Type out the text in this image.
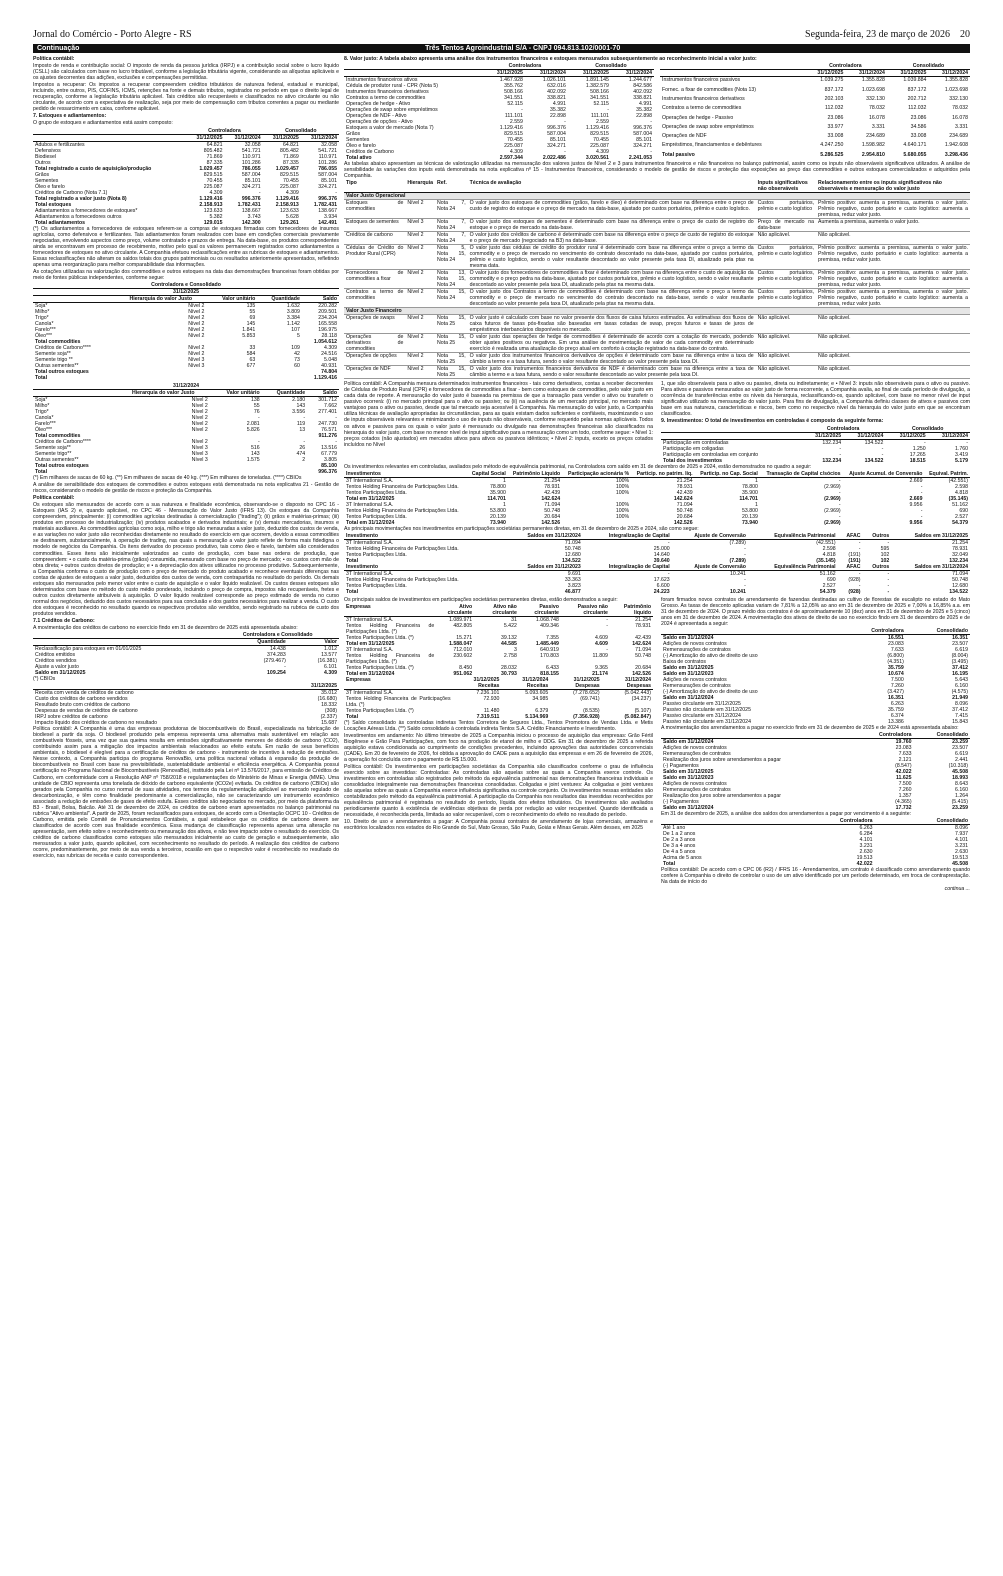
Jornal do Comércio - Porto Alegre - RS	Segunda-feira, 23 de março de 2026 20
Continuação	Três Tentos Agroindustrial S/A - CNPJ 094.813.102/0001-70

Política contábil:

Imposto de renda e contribuição social: O imposto de renda da pessoa jurídica (IRPJ) e a contribuição social sobre o lucro líquido (CSLL) são calculados com base no lucro tributável, conforme a legislação tributária vigente, considerando as alíquotas aplicáveis e os ajustes decorrentes das adições, exclusões e compensações permitidas.

Impostos a recuperar: Os impostos a recuperar compreendem créditos tributários de natureza federal, estadual e municipal, incluindo, entre outros, PIS, COFINS, ICMS, retenções na fonte e demais tributos, registrados no período em que o direito legal de recuperação, conforme a legislação tributária aplicável. Tais créditos são recuperáveis e classificados no ativo circulante ou não circulante, de acordo com a expectativa de realização, seja por meio de compensação com tributos correntes a pagar ou mediante pedido de ressarcimento em caixa, conforme aplicável.

7. Estoques e adiantamentos:

O grupo de estoques e adiantamentos está assim composto:

	Controladora		Consolidado	
	31/12/2025	31/12/2024	31/12/2025	31/12/2024
Adubos e fertilizantes	64.821	32.058	64.821	32.058
Defensivos	805.482	541.721	805.482	541.721
Biodiesel	71.869	110.971	71.869	110.971
Outros	87.335	101.286	87.335	101.286
Total registrado a custo de aquisição/produção	1.029.457	786.055	1.029.457	786.055
Grãos	829.515	587.004	829.515	587.004
Sementes	70.455	85.101	70.455	85.101
Óleo e farelo	225.087	324.271	225.087	324.271
Créditos de Carbono (Nota 7.1)	4.309	-	4.309	-
Total registrado a valor justo (Nota 8)	1.129.416	996.376	1.129.416	996.376
Total estoques	2.158.913	1.782.431	2.158.913	1.782.431
Adiantamentos a fornecedores de estoques*	123.633	138.667	123.633	138.667
Adiantamentos a fornecedores outros	5.382	3.743	5.628	3.934
Total adiantamentos	129.015	142.300	129.261	142.491

(*) Os adiantamentos a fornecedores de estoques referem-se a compras de estoques firmadas com fornecedores de insumos agrícolas, como defensivos e fertilizantes. Tais adiantamentos foram realizados com base em condições comerciais previamente negociadas, envolvendo aspectos como preço, volume contratado e prazos de entrega. Na data-base, os produtos correspondentes ainda se encontravam em processo de recebimento, motivo pelo qual os valores permanecem registrados como adiantamentos a fornecedores de estoques no ativo circulante. A Companhia efetuou reclassificações entre as rubricas de estoques e adiantamentos. Essas reclassificações não alteram os saldos totais dos grupos patrimoniais ou os resultados anteriormente apresentados, refletindo apenas uma reorganização para melhor comparabilidade das informações.

As cotações utilizadas na valorização dos commodities e outros estoques na data das demonstrações financeiras foram obtidas por meio de fontes públicas independentes, conforme segue:

Controladora e Consolidado				
31/12/2025				
	Hierarquia do valor Justo	Valor unitário	Quantidade	Saldo
Soja*	Nível 2	135	1.632	220.282
Milho*	Nível 2	55	3.809	209.501
Trigo*	Nível 2	69	3.384	234.204
Canola*	Nível 2	145	1.142	165.558
Farelo***	Nível 2	1.841	107	196.975
Óleo***	Nível 2	5.853	5	28.118
Total commodities				1.054.612
Créditos de Carbono****	Nível 2	33	109	4.309
Semente soja**	Nível 2	584	42	24.516
Semente trigo **	Nível 3	63	73	5.048
Outras sementes**	Nível 3	677	60	40.931
Total outros estoques				74.804
Total				1.129.416
31/12/2024				
	Hierarquia do valor Justo	Valor unitário	Quantidade	Saldo
Soja*	Nível 2	138	2.180	301.712
Milho*	Nível 2	55	143	7.662
Trigo*	Nível 2	76	3.556	277.401
Canola*	Nível 2	-	-	-
Farelo***	Nível 2	2.081	119	247.730
Óleo***	Nível 2	5.826	13	76.571
Total commodities				911.276
Créditos de Carbono****	Nível 2	-	-	-
Semente soja**	Nível 3	516	26	13.516
Semente trigo**	Nível 3	143	474	67.779
Outras sementes**	Nível 3	1.575	2	3.805
Total outros estoques				85.100
Total				996.376

(*) Em milhares de sacas de 60 kg. (**) Em milhares de sacas de 40 kg. (***) Em milhares de toneladas. (****) CBIOs

A análise de sensibilidade dos estoques de commodities e outros estoques está demonstrada na nota explicativa 21 - Gestão de riscos, considerando o modelo de gestão de riscos e proteção da Companhia.

Política contábil:

Os estoques são mensurados de acordo com a sua natureza e finalidade econômica, observando-se o disposto no CPC 16 - Estoques (IAS 2) e, quando aplicável, no CPC 46 - Mensuração do Valor Justo (IFRS 13). Os estoques da Companhia compreendem, principalmente: (i) commodities agrícolas destinadas à comercialização ("trading"); (ii) grãos e matérias-primas; (iii) produtos em processo de industrialização; (iv) produtos acabados e derivados industriais; e (v) demais mercadorias, insumos e materiais auxiliares. As commodities agrícolas como soja, milho e trigo são mensuradas a valor justo, deduzido dos custos de venda, e as variações no valor justo são reconhecidas diretamente no resultado do exercício em que ocorrem, devido a essas commodities se destinarem, substancialmente, à operação de trading, nas quais a mensuração a valor justo reflete de forma mais fidedigna o modelo de negócios da Companhia. Os itens derivados do processo produtivo, tais como óleo e farelo, também são considerados commodities. Esses itens são inicialmente valorizados ao custo de produção, com base nas ordens de produção, que compreendem: • o custo da matéria-prima (grãos) consumida, mensurado com base no preço de mercado; • os custos com mão de obra direta; • outros custos diretos de produção; e • a depreciação dos ativos utilizados no processo produtivo. Subsequentemente, a Companhia conforma o custo de produção com o preço de mercado do produto acabado e reconhece eventuais diferenças nas contas de ajustes de estoques a valor justo, deduzidos dos custos de venda, com contrapartida no resultado do período. Os demais estoques são mensurados pelo menor valor entre o custo de aquisição e o valor líquido realizável. Os custos desses estoques são determinados com base no método do custo médio ponderado, incluindo o preço de compra, impostos não recuperáveis, fretes e outros custos diretamente atribuíveis à aquisição. O valor líquido realizável corresponde ao preço estimado de venda no curso normal dos negócios, deduzido dos custos necessários para sua conclusão e dos gastos necessários para realizar a venda. O custo dos estoques é reconhecido no resultado quando os respectivos produtos são vendidos, sendo registrado na rubrica de custo dos produtos vendidos.

7.1 Créditos de Carbono:

A movimentação dos créditos de carbono no exercício findo em 31 de dezembro de 2025 está apresentada abaixo:

	Controladora e Consolidado	
	Quantidade	Valor
Reclassificação para estoques em 01/01/2025	14.438	1.012
Créditos emitidos	374.283	13.577
Créditos vendidos	(279.467)	(16.381)
Ajuste a valor justo	-	6.101
Saldo em 31/12/2025	109.254	4.309

(*) CBIOs

	31/12/2025
Receita com venda de créditos de carbono	35.012
Custo dos créditos de carbono vendidos	(16.680)
Resultado bruto com créditos de carbono	18.332
Despesas de vendas de créditos de carbono	(308)
IRPJ sobre créditos de carbono	(2.337)
Impacto líquido dos créditos de carbono no resultado	15.687

Política contábil: A Companhia é uma das empresas produtoras de biocombustíveis do Brasil, especializada na fabricação de biodiesel a partir da soja. O biodiesel produzido pela empresa representa uma alternativa mais sustentável em relação aos combustíveis fósseis, uma vez que sua queima resulta em emissões significativamente menores de dióxido de carbono (CO2), contribuindo assim para a mitigação dos impactos ambientais relacionados ao efeito estufa. Em razão de seus benefícios ambientais, o biodiesel é elegível para a certificação de créditos de carbono - instrumento de incentivo à redução de emissões. Nesse contexto, a Companhia participa do programa RenovaBio, uma política nacional voltada à expansão da produção de biocombustíveis no Brasil com base na previsibilidade, sustentabilidade ambiental e eficiência energética. A Companhia possui certificação no Programa Nacional de Biocombustíveis (RenovaBio), instituído pela Lei nº 13.576/2017, para emissão de Créditos de Carbono, em conformidade com a Resolução ANP nº 758/2018 e regulamentações do Ministério de Minas e Energia (MME). Uma unidade de CBIO representa uma tonelada de dióxido de carbono equivalente (tCO2e) evitada. Os créditos de carbono (CBIOs) são gerados pela Companhia no curso normal de suas atividades, nos termos da regulamentação aplicável ao mercado regulado de descarbonização, e têm como finalidade predominante a comercialização, não se caracterizando um instrumento econômico associado a redução de emissões de gases de efeito estufa. Esses créditos são negociados no mercado, por meio da plataforma da B3 - Brasil, Bolsa, Balcão. Até 31 de dezembro de 2024, os créditos de carbono eram apresentados no balanço patrimonial na rubrica "Ativo ambiental". A partir de 2025, foram reclassificados para estoques, de acordo com a Orientação OCPC 10 - Créditos de Carbono, emitida pelo Comitê de Pronunciamentos Contábeis, a qual estabelece que os créditos de carbono devem ser classificados de acordo com sua finalidade econômica. Essa mudança de classificação representa apenas uma alteração na apresentação, sem efeito sobre o reconhecimento ou mensuração dos ativos, e não teve impacto sobre o resultado do exercício. Os créditos de carbono classificados como estoques são mensurados inicialmente ao custo de geração e subsequentemente, são mensurados a valor justo, quando aplicável, com reconhecimento no resultado do período. A realização dos créditos de carbono ocorre, predominantemente, por meio de sua venda a terceiros, ocasião em que o respectivo valor é reconhecido no resultado do exercício, nas rubricas de receita e custo correspondentes.

8. Valor justo: A tabela abaixo apresenta uma análise dos instrumentos financeiros e estoques mensurados subsequentemente ao reconhecimento inicial a valor justo:

	Controladora		Consolidado	
	31/12/2025	31/12/2024	31/12/2025	31/12/2024
Instrumentos financeiros ativos	1.467.928	1.026.101	1.891.145	1.244.677
Cédula de produtor rural - CPR (Nota 5)	355.762	632.016	1.382.579	842.586
Instrumentos financeiros derivativos	508.166	402.092	508.166	402.092
Contratos a termo de commodities	341.551	338.821	341.551	338.821
Operações de hedge - Ativo	52.115	4.991	52.115	4.991
Operações de swap sobre empréstimos	-	35.382	-	35.382
Operações de NDF - Ativo	111.101	22.898	111.101	22.898
Operações de opções - Ativo	2.559	-	2.559	-
Estoques a valor de mercado (Nota 7)	1.129.416	996.376	1.129.416	996.376
Grãos	829.515	587.004	829.515	587.004
Sementes	70.455	85.101	70.455	85.101
Óleo e farelo	225.087	324.271	225.087	324.271
Créditos de Carbono	4.309	-	4.309	-
Total ativo	2.597.344	2.022.486	3.020.561	2.241.053
	Controladora		Consolidado	
	31/12/2025	31/12/2024	31/12/2025	31/12/2024
Instrumentos financeiros passivos	1.039.275	1.355.828	1.039.884	1.355.828
Fornec. a fixar de commodities (Nota 13)	837.172	1.023.698	837.172	1.023.698
Instrumentos financeiros derivativos	202.103	332.130	202.712	332.130
Contratos a termo de commodities	112.032	78.032	112.032	78.032
Operações de hedge - Passivo	23.086	16.078	23.086	16.078
Operações de swap sobre empréstimos	33.977	3.331	34.586	3.331
Operações de NDF	33.008	234.689	33.008	234.689
Empréstimos, financiamentos e debêntures	4.247.250	1.598.982	4.640.171	1.942.608
Total passivo	5.286.525	2.954.810	5.680.055	3.298.436

As tabelas abaixo apresentam as técnicas de valorização utilizadas na mensuração dos valores justos de Nível 2 e 3 para instrumentos financeiros e não financeiros no balanço patrimonial, assim como os inputs não observáveis significativos utilizados. A análise de sensibilidade às variações dos inputs está demonstrada na nota explicativa nº 15 - Instrumentos financeiros, considerando o modelo de gestão de riscos e proteção das exposições ao preço das commodities e outros estoques comercializados e adquiridos pela Companhia.

Tipo	Hierarquia	Ref.	Técnica de avaliação	Inputs significativos não observáveis	Relacionamento entre os inputs significativos não observáveis e mensuração do valor justo
Valor Justo Operacional					
Estoques de commodities	Nível 2	Nota 7, Nota 24	O valor justo dos estoques de commodities (grãos, farelo e óleo) é determinado com base na diferença entre o preço de custo de registro do estoque e o preço de mercado na data-base, ajustado por custos portuários, prêmio e custo logístico.	Custos portuários, prêmio e custo logístico	Prêmio positivo: aumenta a premissa, aumenta o valor justo. Prêmio negativo, custo portuário e custo logístico: aumenta a premissa, reduz valor justo.
Estoques de sementes	Nível 3	Nota 7, Nota 24	O valor justo dos estoques de sementes é determinado com base na diferença entre o preço de custo de registro do estoque e o preço de mercado na data-base.	Preço de mercado na data-base	Aumenta a premissa, aumenta o valor justo.
Créditos de carbono	Nível 2	Nota 7, Nota 24	O valor justo dos créditos de carbono é determinado com base na diferença entre o preço de custo de registro do estoque e o preço de mercado (negociado na B3) na data-base.	Não aplicável.	Não aplicável.
Cédulas de Crédito do Produtor Rural (CPR)	Nível 2	Nota 5, Nota 15, Nota 24	O valor justo das cédulas de crédito do produtor rural é determinado com base na diferença entre o preço a termo da commodity e o preço de mercado no vencimento do contrato descontado na data-base, ajustado por custos portuários, prêmio e custo logístico, sendo o valor resultante descontado ao valor presente pela taxa DI, atualizado pela ptax na mesma data.	Custos portuários, prêmio e custo logístico	Prêmio positivo: aumenta a premissa, aumenta o valor justo. Prêmio negativo, custo portuário e custo logístico: aumenta a premissa, reduz valor justo.
Fornecedores de commodities a fixar	Nível 2	Nota 13, Nota 15, Nota 24	O valor justo dos fornecedores de commodities a fixar é determinado com base na diferença entre o custo de aquisição da commodity e o preço pedra na data-base, ajustado por custos portuários, prêmio e custo logístico, sendo o valor resultante descontado ao valor presente pela taxa DI, atualizado pela ptax na mesma data.	Custos portuários, prêmio e custo logístico	Prêmio positivo: aumenta a premissa, aumenta o valor justo. Prêmio negativo, custo portuário e custo logístico: aumenta a premissa, reduz valor justo.
Contratos a termo de commodities	Nível 2	Nota 15, Nota 24	O valor justo dos Contratos a termo de commodities é determinado com base na diferença entre o preço a termo da commodity e o preço de mercado no vencimento do contrato descontado na data-base, sendo o valor resultante descontado ao valor presente pela taxa DI, atualizado pela ptax na mesma data.	Custos portuários, prêmio e custo logístico	Prêmio positivo: aumenta a premissa, aumenta o valor justo. Prêmio negativo, custo portuário e custo logístico: aumenta a premissa, reduz valor justo.
Valor Justo Financeiro					
Operações de swaps	Nível 2	Nota 15, Nota 25	O valor justo é calculado com base no valor presente dos fluxos de caixa futuros estimados. As estimativas dos fluxos de caixa futuros de taxas pós-fixadas são baseadas em taxas cotadas de swap, preços futuros e taxas de juros de empréstimos interbancários disponíveis no mercado.	Não aplicável.	Não aplicável.
Operações de derivativos de commodities	Nível 2	Nota 15, Nota 25	O valor justo das operações de hedge de commodities é determinado de acordo com a cotação do mercado, podendo obter ajustes positivos ou negativos. Em uma análise de movimentação de valor de cada commodity em determinado exercício é realizada uma atualização do preço atual em conforto à cotação registrado na data-base do contrato.	Não aplicável.	Não aplicável.
Operações de opções	Nível 2	Nota 15, Nota 25	O valor justo dos instrumentos financeiros derivativos de opções é determinado com base na diferença entre a taxa de câmbio a termo e a taxa futura, sendo o valor resultante descontado ao valor presente pela taxa DI.	Não aplicável.	Não aplicável.
Operações de NDF	Nível 2	Nota 15, Nota 25	O valor justo dos instrumentos financeiros derivativos de NDF é determinado com base na diferença entre a taxa de câmbio a termo e a taxa futura, sendo o valor resultante descontado ao valor presente pela taxa DI.	Não aplicável.	Não aplicável.

Política contábil: A Companhia mensura determinados instrumentos financeiros - tais como derivativos, contas a receber decorrentes de Cédulas de Produto Rural (CPR) e fornecedores de commodities a fixar - bem como estoques de commodities, pelo valor justo em cada data de reporte. A mensuração do valor justo é baseada na premissa de que a transação para vender o ativo ou transferir o passivo ocorrerá: (i) no mercado principal para o ativo ou passivo; ou (ii) na ausência de um mercado principal, no mercado mais vantajoso para o ativo ou passivo, desde que tal mercado seja acessível à Companhia. Na mensuração do valor justo, a Companhia utiliza técnicas de avaliação apropriadas às circunstâncias, para as quais existam dados suficientes e confiáveis, maximizando o uso de inputs observáveis relevantes e minimizando o uso de inputs não observáveis, conforme requerido pelas normas aplicáveis. Todos os ativos e passivos para os quais o valor justo é mensurado ou divulgado nas demonstrações financeiras são classificados na hierarquia do valor justo, com base no menor nível de input significativo para a mensuração como um todo, conforme segue: • Nível 1: preços cotados (não ajustados) em mercados ativos para ativos ou passivos idênticos; • Nível 2: inputs, exceto os preços cotados incluídos no Nível

1, que são observáveis para o ativo ou passivo, direta ou indiretamente; e • Nível 3: inputs não observáveis para o ativo ou passivo. Para ativos e passivos mensurados ao valor justo de forma recorrente, a Companhia avalia, ao final de cada período de divulgação, a ocorrência de transferências entre os níveis da hierarquia, reclassificando-os, quando aplicável, com base no menor nível de input significativo utilizado na mensuração do valor justo. Para fins de divulgação, a Companhia definiu classes de ativos e passivos com base em sua natureza, características e riscos, bem como no respectivo nível da hierarquia do valor justo em que se encontram classificados.

9. Investimentos: O total de investimentos em controladas é composto da seguinte forma:

	Controladora		Consolidado	
	31/12/2025	31/12/2024	31/12/2025	31/12/2024
Participação em controladas	132.234	134.522	-	-
Participação em coligadas	-	-	1.250	1.760
Participação em controladas em conjunto	-	-	17.265	3.419
Total dos investimentos	132.234	134.522	18.515	5.179

Os investimentos relevantes em controladas, avaliados pelo método de equivalência patrimonial, na Controladora com saldo em 31 de dezembro de 2025 e 2024, estão demonstrados no quadro a seguir:

Investimentos	Capital Social	Patrimônio Líquido	Participação acionária %	Particip. no patrim. líq.	Particip. no Cap. Social	Transação de Capital c/sócios	Ajuste Acumul. de Conversão	Equival. Patrim.
3T International S.A.	1	21.254	100%	21.254	1	-	2.669	(42.551)
Tentos Holding Financeira de Participações Ltda.	78.800	78.931	100%	78.931	78.800	(2.969)	-	2.598
Tentos Participações Ltda.	35.900	42.439	100%	42.439	35.900	-	-	4.818
Total em 31/12/2025	114.701	142.624		142.624	114.701	(2.969)	2.669	(35.145)
3T International S.A.	1	71.094	100%	71.094	1	-	9.956	51.162
Tentos Holding Financeira de Participações Ltda.	53.800	50.748	100%	50.748	53.800	(2.969)	-	690
Tentos Participações Ltda.	20.139	20.684	100%	20.684	20.139	-	-	2.527
Total em 31/12/2024	73.940	142.526		142.526	73.940	(2.969)	9.956	54.379

As principais movimentações nos investimentos em participações societárias permanentes diretas, em 31 de dezembro de 2025 e 2024, são como segue:

Investimento	Saldos em 31/12/2024	Integralização de Capital	Ajuste de Conversão	Equivalência Patrimonial	AFAC	Outros	Saldos em 31/12/2025
3T International S.A.	71.094	-	(7.289)	(42.551)	-	-	21.254
Tentos Holding Financeira de Participações Ltda.	50.748	25.000	-	2.598	-	595	78.931
Tentos Participações Ltda.	12.680	14.640	-	4.818	(191)	102	32.049
Total	134.522	39.640	(7.289)	(35.145)	(191)	102	132.234
Investimento	Saldos em 31/12/2023	Integralização de Capital	Ajuste de Conversão	Equivalência Patrimonial	AFAC	Outros	Saldos em 31/12/2024
3T International S.A.	9.691	-	10.241	51.162	-	-	71.094
Tentos Holding Financeira de Participações Ltda.	33.363	17.623	-	690	(928)	-	50.748
Tentos Participações Ltda.	3.823	6.600	-	2.527	-	-	12.680
Total	46.877	24.223	10.241	54.379	(928)	-	134.522

Os principais saldos de investimentos em participações societárias permanentes diretas, estão demonstrados a seguir:

Empresas	Ativo circulante	Ativo não circulante	Passivo circulante	Passivo não circulante	Patrimônio líquido
3T International S.A.	1.089.971	31	1.068.748	-	21.254
Tentos Holding Financeira de Participações Ltda. (*)	482.805	5.422	409.346	-	78.931
Tentos Participações Ltda. (*)	15.271	39.132	7.355	4.609	42.439
Total em 31/12/2025	1.588.047	44.585	1.485.449	4.609	142.624
3T International S.A.	712.010	3	640.919	-	71.094
Tentos Holding Financeira de Participações Ltda. (*)	230.602	2.758	170.803	11.809	50.748
Tentos Participações Ltda. (*)	8.450	28.032	6.433	9.365	20.684
Total em 31/12/2024	951.062	30.793	818.155	21.174	142.526
Empresas	31/12/2025 Receitas	31/12/2024 Receitas	31/12/2025 Despesas	31/12/2024 Despesas
3T International S.A.	7.236.101	5.093.605	(7.278.652)	(5.042.443)
Tentos Holding Financeira de Participações Ltda. (*)	72.930	34.985	(69.741)	(34.237)
Tentos Participações Ltda. (*)	11.480	6.379	(8.535)	(5.107)
Total	7.319.511	5.134.969	(7.356.928)	(5.082.847)

(*) Saldo consolidado às controladas indiretas Tentos Corretora de Seguros Ltda., Tentos Promotora de Vendas Ltda. e Metis Locações Aéreas Ltda. (**) Saldo consolidado à controlada indireta Tentos S.A. Crédito Financiamento e Investimento.

Investimentos em andamento: No último trimestre de 2025 a Companhia iniciou o processo de aquisição das empresas: Grão Fértil Biogênese e Grão Para Participações, com foco na produção de etanol de milho e DDG. Em 31 de dezembro de 2025 a referida aquisição estava condicionada ao cumprimento de condições precedentes, incluindo aprovações das autoridades concorrenciais (CADE). Em 20 de fevereiro de 2026, foi obtida a aprovação do CADE para a aquisição das empresas e em 26 de fevereiro de 2026, a operação foi concluída com o pagamento de R$ 15.000.

Política contábil: Os investimentos em participações societárias da Companhia são classificados conforme o grau de influência exercido sobre as investidas: Controladas: As controladas são aquelas sobre as quais a Companhia exerce controle. Os investimentos em controladas são registrados pelo método da equivalência patrimonial nas demonstrações financeiras individuais e consolidados integralmente nas demonstrações financeiras consolidadas. Coligadas e joint ventures: As coligadas e joint ventures são aquelas sobre as quais a Companhia exerce influência significativa ou controle conjunto. Os investimentos nessas entidades são contabilizados pelo método da equivalência patrimonial. A participação da Companhia nos resultados das investidas reconhecidos por equivalência patrimonial é registrada no resultado do período, líquida dos efeitos tributários. Os investimentos são avaliados periodicamente quanto à existência de evidências objetivas de perda por redução ao valor recuperável. Quando identificada a necessidade, é reconhecida perda, limitada ao valor recuperável, com o reconhecimento do efeito no resultado do período.

10. Direito de uso e arrendamentos a pagar: A Companhia possui contratos de arrendamento de lojas comerciais, armazéns e escritórios localizados nos estados do Rio Grande do Sul, Mato Grosso, São Paulo, Goiás e Minas Gerais. Além desses, em 2025

foram firmados novos contratos de arrendamento de fazendas destinadas ao cultivo de florestas de eucalipto no estado do Mato Grosso. As taxas de desconto aplicadas variam de 7,81% a 12,05% ao ano em 31 de dezembro de 2025 e 7,00% a 16,85% a.a. em 31 de dezembro de 2024. O prazo médio dos contratos é de aproximadamente 10 (dez) anos em 31 de dezembro de 2025 e 5 (cinco) anos em 31 de dezembro de 2024. A movimentação dos ativos de direito de uso no exercício findo em 31 de dezembro de 2025 e de 2024 é apresentada a seguir:

	Controladora	Consolidado
Saldo em 31/12/2024	16.551	16.351
Adições de novos contratos	23.083	23.507
Remensurações de contratos	7.633	6.619
(-) Amortização do ativo de direito de uso	(6.800)	(8.004)
Baixa de contratos	(4.351)	(3.495)
Saldo em 31/12/2025	35.759	37.412
Saldo em 31/12/2023	10.674	16.195
Adições de novos contratos	7.500	5.643
Remensurações de contratos	7.260	6.160
(-) Amortização do ativo de direito de uso	(3.427)	(4.575)
Saldo em 31/12/2024	16.351	21.949
Passivo circulante em 31/12/2025	6.263	8.096
Passivo não circulante em 31/12/2025	35.759	37.412
Passivo circulante em 31/12/2024	6.374	7.415
Passivo não circulante em 31/12/2024	13.386	15.843

A movimentação dos arrendamentos a pagar no exercício findo em 31 de dezembro de 2025 e de 2024 está apresentada abaixo:

	Controladora	Consolidado
Saldo em 31/12/2024	19.760	23.259
Adições de novos contratos	23.083	23.507
Remensurações de contratos	7.633	6.619
Realização dos juros sobre arrendamentos a pagar	2.121	2.441
(-) Pagamentos	(8.547)	(10.318)
Saldo em 31/12/2025	42.022	45.508
Saldo em 31/12/2023	11.625	18.993
Adições de novos contratos	7.500	8.643
Remensurações de contratos	7.260	6.160
Realização dos juros sobre arrendamentos a pagar	1.357	1.264
(-) Pagamentos	(4.365)	(5.415)
Saldo em 31/12/2024	17.732	23.259

Em 31 de dezembro de 2025, a análise dos saldos dos arrendamentos a pagar por vencimento é a seguinte:

	Controladora	Consolidado
Até 1 ano	6.263	8.096
De 1 a 2 anos	6.284	7.937
De 2 a 3 anos	4.101	4.101
De 3 a 4 anos	3.231	3.231
De 4 a 5 anos	2.630	2.630
Acima de 5 anos	19.513	19.513
Total	42.022	45.508

Política contábil: De acordo com o CPC 06 (R2) / IFRS 16 - Arrendamentos, um contrato é classificado como arrendamento quando confere à Companhia o direito de controlar o uso de um ativo identificado por um período determinado, em troca de contraprestação. Na data de início do

continua ...
